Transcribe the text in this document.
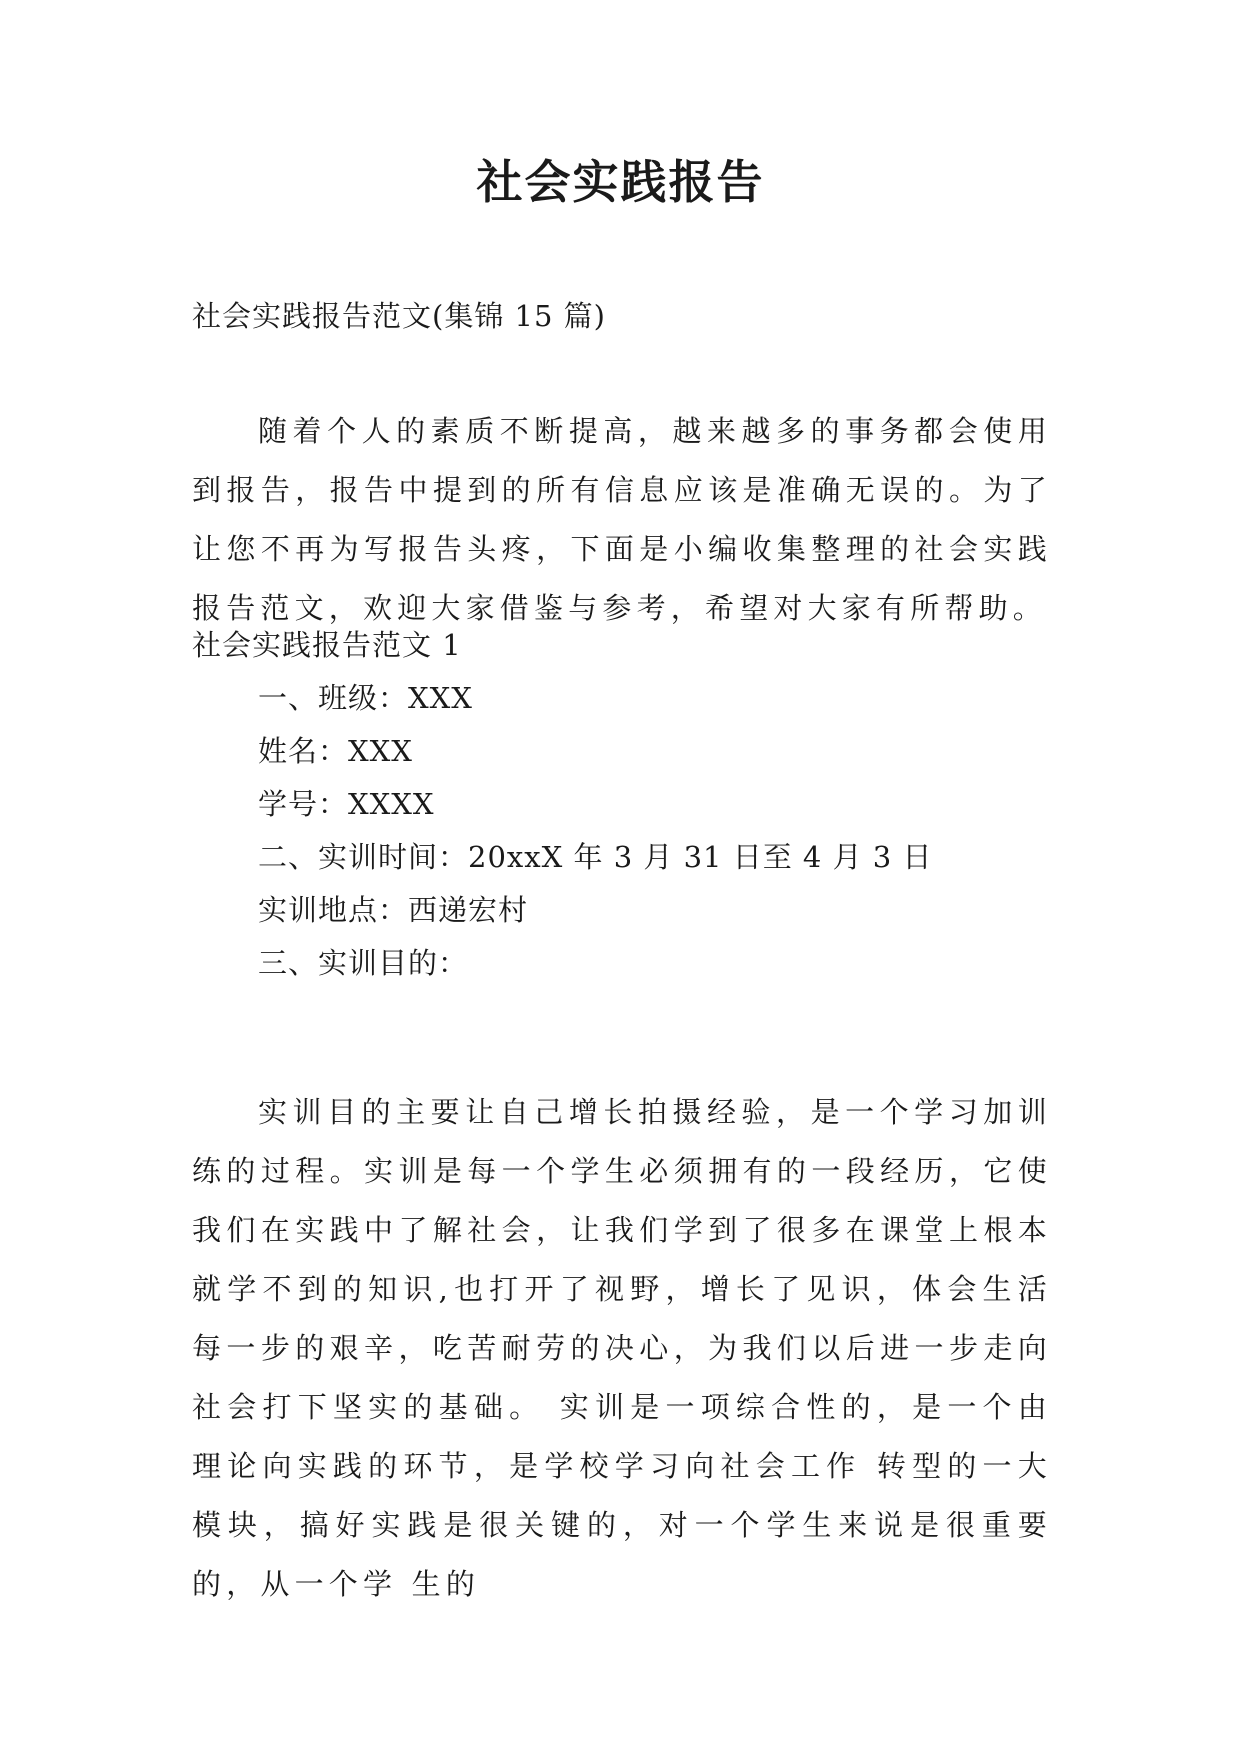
社会实践报告
社会实践报告范文(集锦 15 篇)
随着个人的素质不断提高，越来越多的事务都会使用到报告，报告中提到的所有信息应该是准确无误的。为了让您不再为写报告头疼，下面是小编收集整理的社会实践报告范文，欢迎大家借鉴与参考，希望对大家有所帮助。
社会实践报告范文 1
一、班级：XXX
姓名：XXX
学号：XXXX
二、实训时间：20xxX 年 3 月 31 日至 4 月 3 日
实训地点：西递宏村
三、实训目的：
实训目的主要让自己增长拍摄经验，是一个学习加训练的过程。实训是每一个学生必须拥有的一段经历，它使我们在实践中了解社会，让我们学到了很多在课堂上根本就学不到的知识,也打开了视野，增长了见识，体会生活每一步的艰辛，吃苦耐劳的决心，为我们以后进一步走向社会打下坚实的基础。 实训是一项综合性的，是一个由理论向实践的环节，是学校学习向社会工作 转型的一大模块，搞好实践是很关键的，对一个学生来说是很重要的，从一个学 生的
